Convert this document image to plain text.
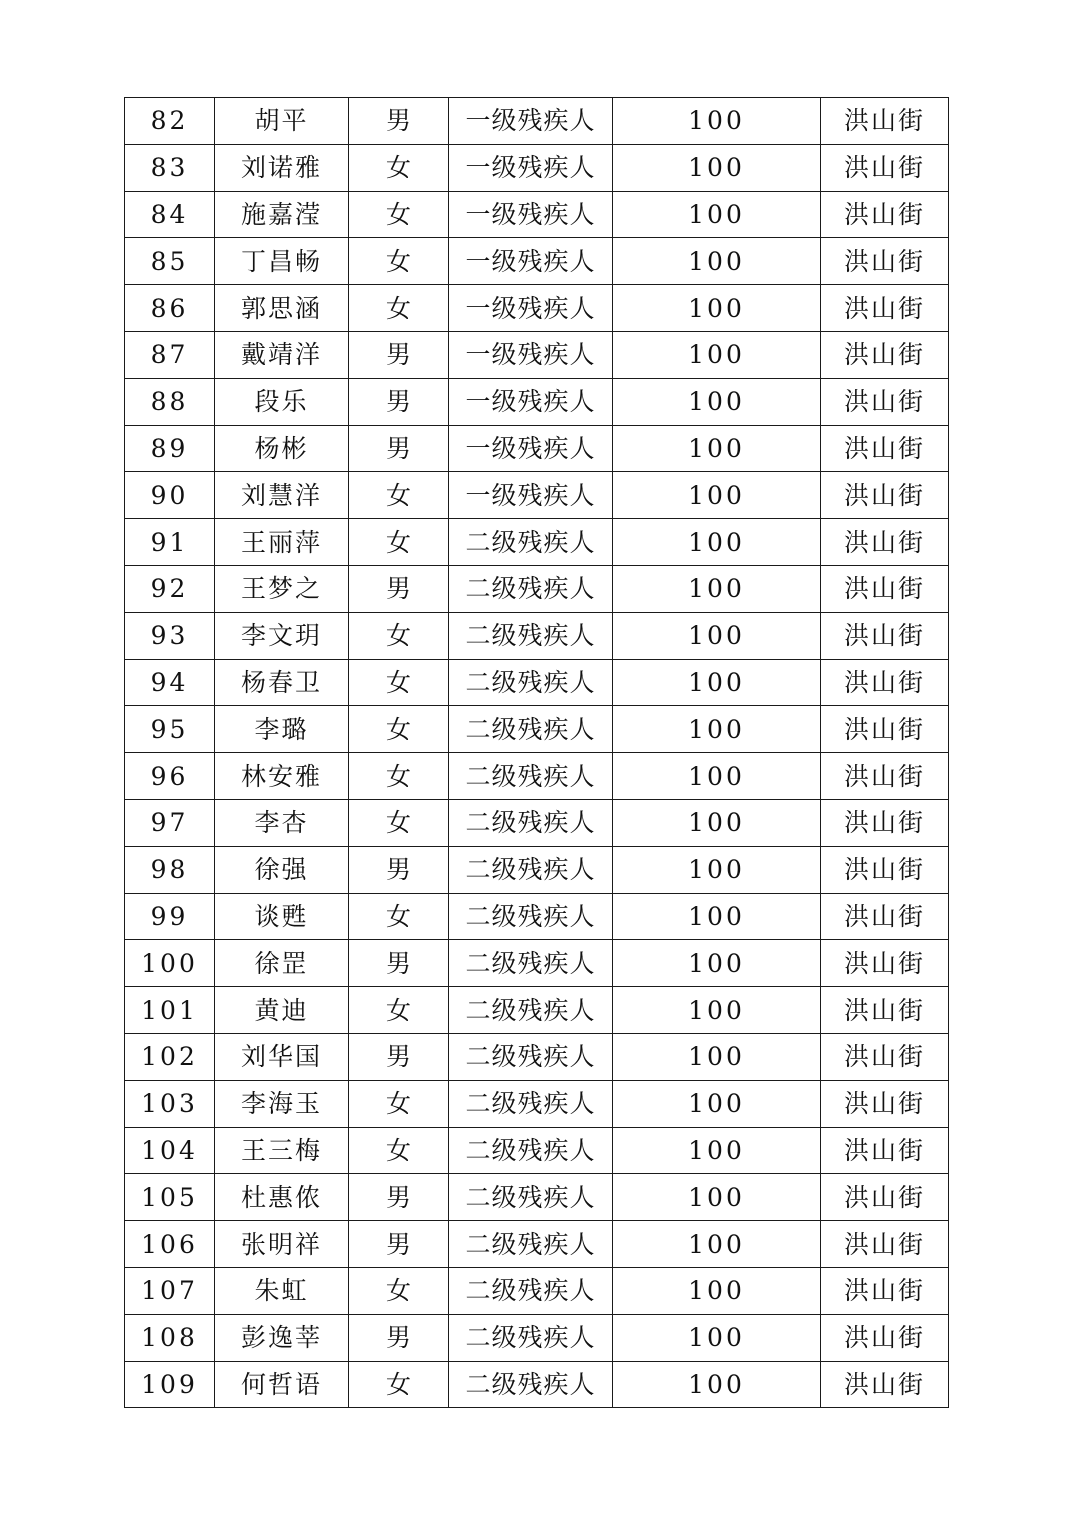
82	胡平	男	一级残疾人	100	洪山街
83	刘诺雅	女	一级残疾人	100	洪山街
84	施嘉滢	女	一级残疾人	100	洪山街
85	丁昌畅	女	一级残疾人	100	洪山街
86	郭思涵	女	一级残疾人	100	洪山街
87	戴靖洋	男	一级残疾人	100	洪山街
88	段乐	男	一级残疾人	100	洪山街
89	杨彬	男	一级残疾人	100	洪山街
90	刘慧洋	女	一级残疾人	100	洪山街
91	王丽萍	女	二级残疾人	100	洪山街
92	王梦之	男	二级残疾人	100	洪山街
93	李文玥	女	二级残疾人	100	洪山街
94	杨春卫	女	二级残疾人	100	洪山街
95	李璐	女	二级残疾人	100	洪山街
96	林安雅	女	二级残疾人	100	洪山街
97	李杏	女	二级残疾人	100	洪山街
98	徐强	男	二级残疾人	100	洪山街
99	谈甦	女	二级残疾人	100	洪山街
100	徐罡	男	二级残疾人	100	洪山街
101	黄迪	女	二级残疾人	100	洪山街
102	刘华国	男	二级残疾人	100	洪山街
103	李海玉	女	二级残疾人	100	洪山街
104	王三梅	女	二级残疾人	100	洪山街
105	杜惠侬	男	二级残疾人	100	洪山街
106	张明祥	男	二级残疾人	100	洪山街
107	朱虹	女	二级残疾人	100	洪山街
108	彭逸莘	男	二级残疾人	100	洪山街
109	何哲语	女	二级残疾人	100	洪山街
